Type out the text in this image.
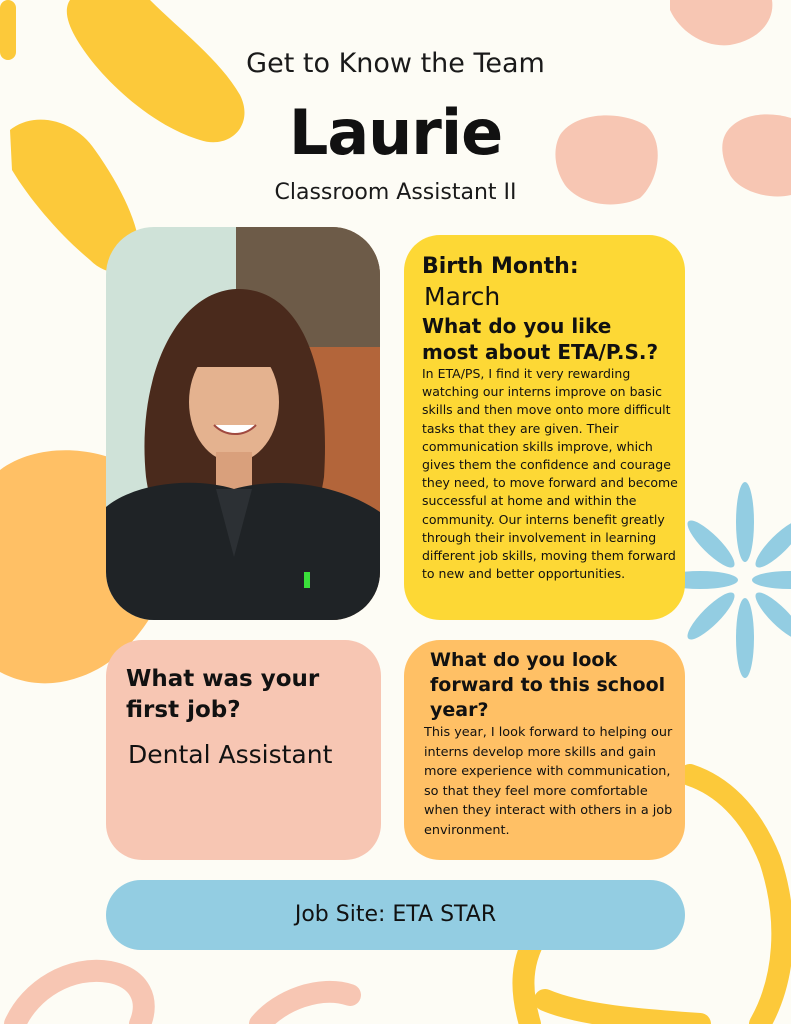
Get to Know the Team
Laurie
Classroom Assistant II
Birth Month:
March
What do you like
most about ETA/P.S.?
In ETA/PS, I find it very rewarding watching our interns improve on basic skills and then move onto more difficult tasks that they are given. Their communication skills improve, which gives them the confidence and courage they need, to move forward and become successful at home and within the community. Our interns benefit greatly through their involvement in learning different job skills, moving them forward to new and better opportunities.
What was your
first job?
Dental Assistant
What do you look
forward to this school
year?
This year, I look forward to helping our interns develop more skills and gain more experience with communication, so that they feel more comfortable when they interact with others in a job environment.
Job Site: ETA STAR
